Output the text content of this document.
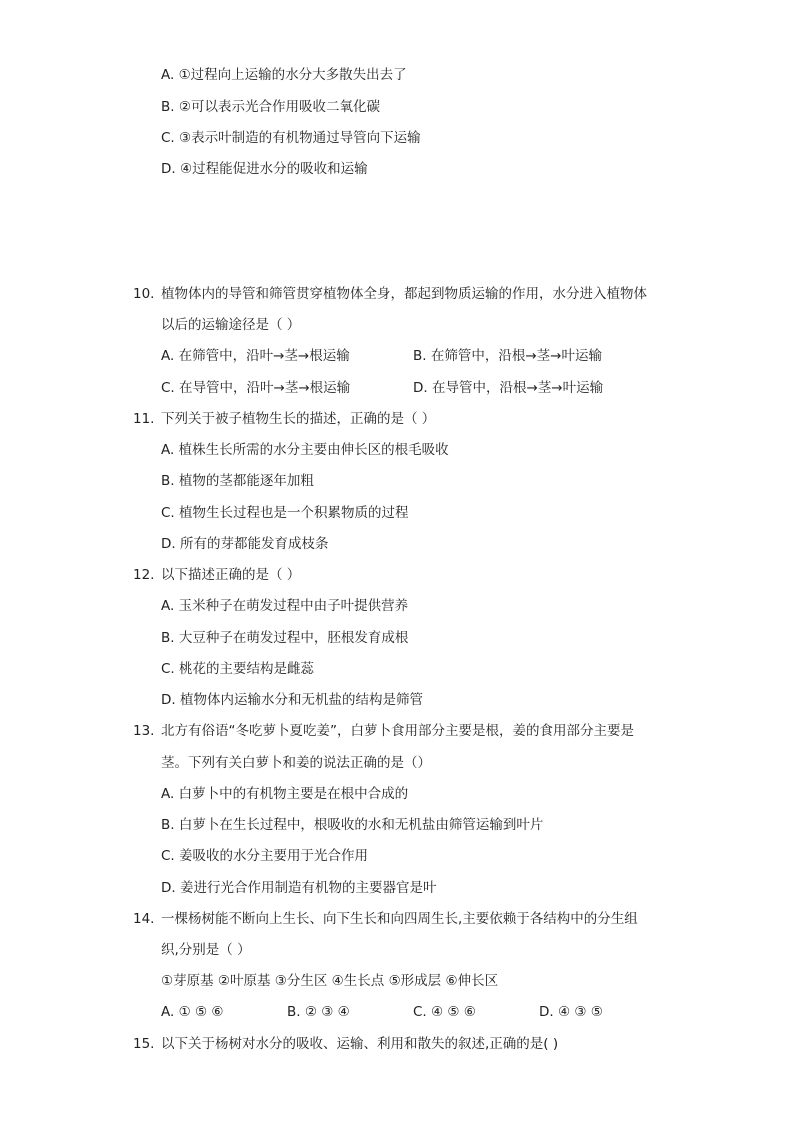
A. ①过程向上运输的水分大多散失出去了
B. ②可以表示光合作用吸收二氧化碳
C. ③表示叶制造的有机物通过导管向下运输
D. ④过程能促进水分的吸收和运输
10. 植物体内的导管和筛管贯穿植物体全身，都起到物质运输的作用，水分进入植物体
以后的运输途径是（ ）
A. 在筛管中，沿叶→茎→根运输	B. 在筛管中，沿根→茎→叶运输
C. 在导管中，沿叶→茎→根运输	D. 在导管中，沿根→茎→叶运输
11. 下列关于被子植物生长的描述，正确的是（ ）
A. 植株生长所需的水分主要由伸长区的根毛吸收
B. 植物的茎都能逐年加粗
C. 植物生长过程也是一个积累物质的过程
D. 所有的芽都能发育成枝条
12. 以下描述正确的是（ ）
A. 玉米种子在萌发过程中由子叶提供营养
B. 大豆种子在萌发过程中，胚根发育成根
C. 桃花的主要结构是雌蕊
D. 植物体内运输水分和无机盐的结构是筛管
13. 北方有俗语“冬吃萝卜夏吃姜”，白萝卜食用部分主要是根，姜的食用部分主要是
茎。下列有关白萝卜和姜的说法正确的是（）
A. 白萝卜中的有机物主要是在根中合成的
B. 白萝卜在生长过程中，根吸收的水和无机盐由筛管运输到叶片
C. 姜吸收的水分主要用于光合作用
D. 姜进行光合作用制造有机物的主要器官是叶
14. 一棵杨树能不断向上生长、向下生长和向四周生长,主要依赖于各结构中的分生组
织,分别是（ ）
①芽原基 ②叶原基 ③分生区 ④生长点 ⑤形成层 ⑥伸长区
A. ① ⑤ ⑥	B. ② ③ ④	C. ④ ⑤ ⑥	D. ④ ③ ⑤
15. 以下关于杨树对水分的吸收、运输、利用和散失的叙述,正确的是( )
